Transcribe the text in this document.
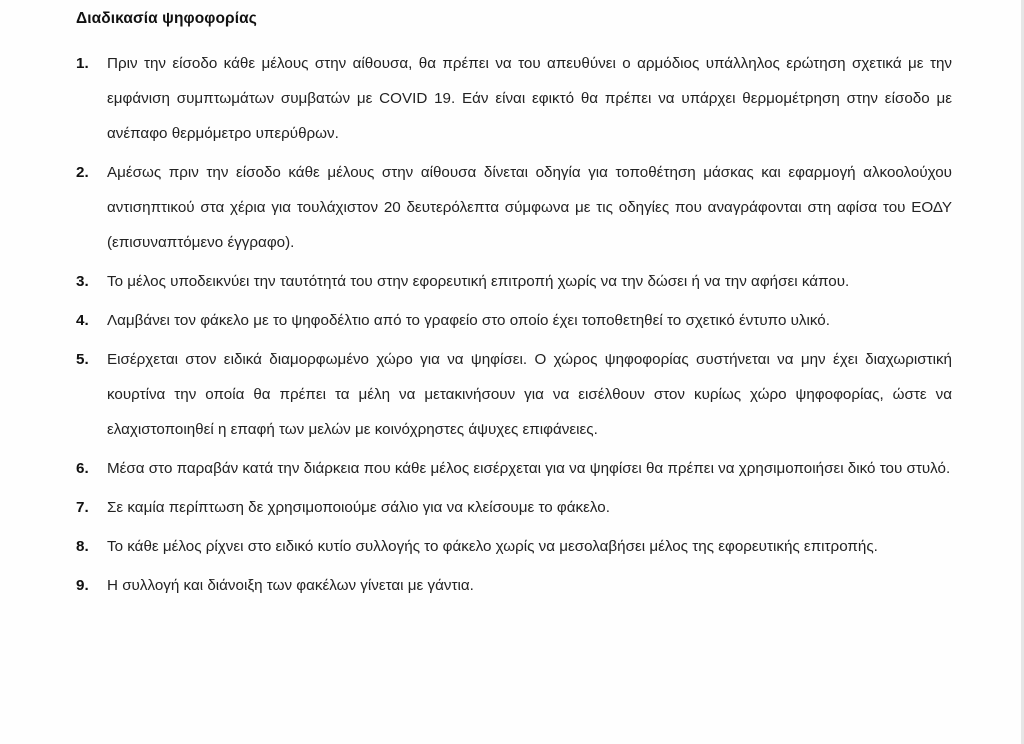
Διαδικασία ψηφοφορίας
1. Πριν την είσοδο κάθε μέλους στην αίθουσα, θα πρέπει να του απευθύνει ο αρμόδιος υπάλληλος ερώτηση σχετικά με την εμφάνιση συμπτωμάτων συμβατών με COVID 19. Εάν είναι εφικτό θα πρέπει να υπάρχει θερμομέτρηση στην είσοδο με ανέπαφο θερμόμετρο υπερύθρων.
2. Αμέσως πριν την είσοδο κάθε μέλους στην αίθουσα δίνεται οδηγία για τοποθέτηση μάσκας και εφαρμογή αλκοολούχου αντισηπτικού στα χέρια για τουλάχιστον 20 δευτερόλεπτα σύμφωνα με τις οδηγίες που αναγράφονται στη αφίσα του ΕΟΔΥ (επισυναπτόμενο έγγραφο).
3. Το μέλος υποδεικνύει την ταυτότητά του στην εφορευτική επιτροπή χωρίς να την δώσει ή να την αφήσει κάπου.
4. Λαμβάνει τον φάκελο με το ψηφοδέλτιο από το γραφείο στο οποίο έχει τοποθετηθεί το σχετικό έντυπο υλικό.
5. Εισέρχεται στον ειδικά διαμορφωμένο χώρο για να ψηφίσει. Ο χώρος ψηφοφορίας συστήνεται να μην έχει διαχωριστική κουρτίνα την οποία θα πρέπει τα μέλη να μετακινήσουν για να εισέλθουν στον κυρίως χώρο ψηφοφορίας, ώστε να ελαχιστοποιηθεί η επαφή των μελών με κοινόχρηστες άψυχες επιφάνειες.
6. Μέσα στο παραβάν κατά την διάρκεια που κάθε μέλος εισέρχεται για να ψηφίσει θα πρέπει να χρησιμοποιήσει δικό του στυλό.
7. Σε καμία περίπτωση δε χρησιμοποιούμε σάλιο για να κλείσουμε το φάκελο.
8. Το κάθε μέλος ρίχνει στο ειδικό κυτίο συλλογής το φάκελο χωρίς να μεσολαβήσει μέλος της εφορευτικής επιτροπής.
9. Η συλλογή και διάνοιξη των φακέλων γίνεται με γάντια.
